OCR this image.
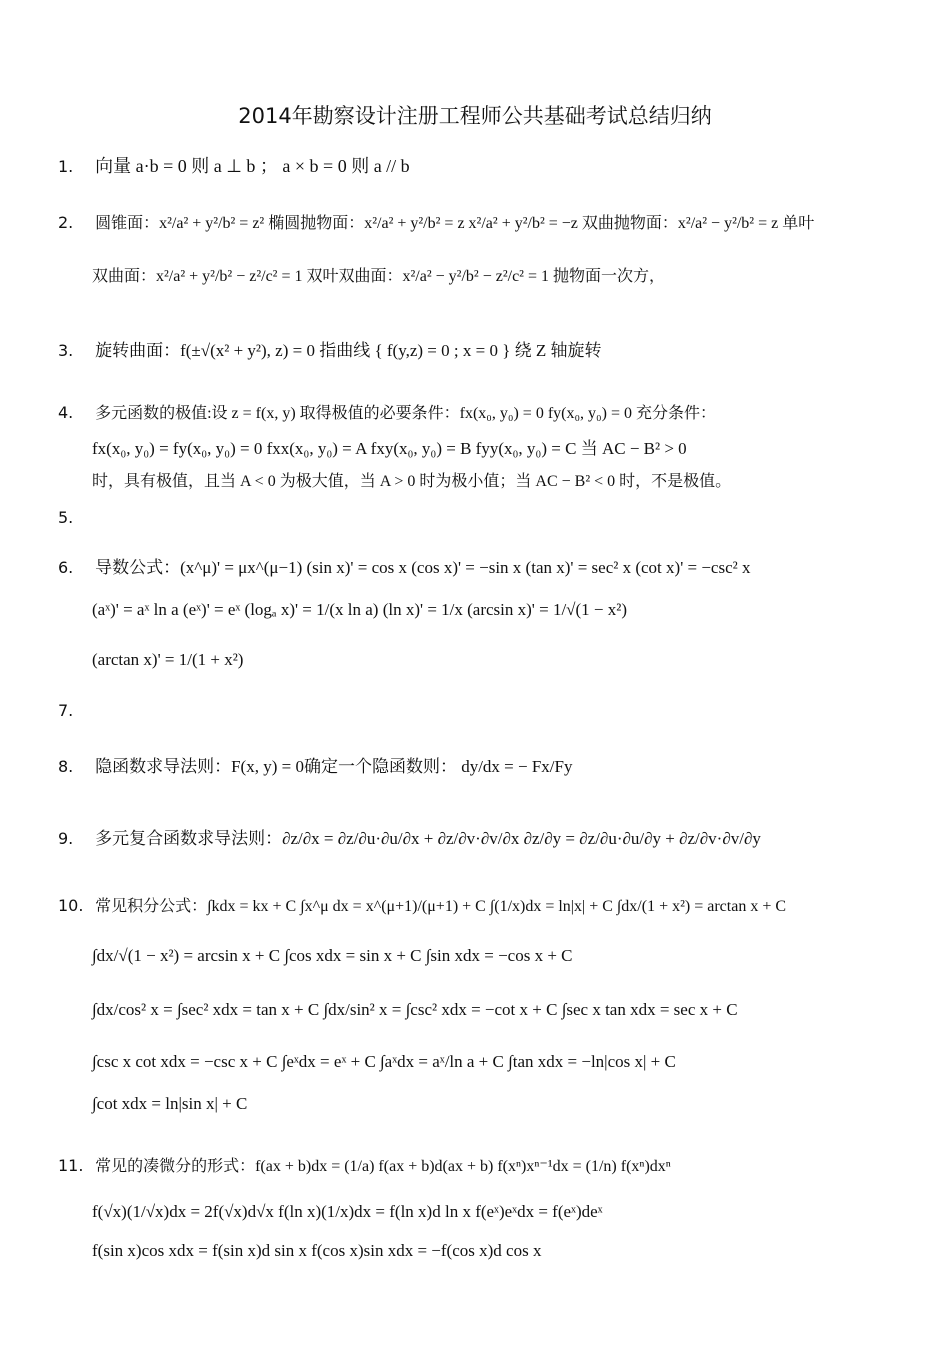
2014年勘察设计注册工程师公共基础考试总结归纳
1. 向量 a·b = 0 则 a ⊥ b ； a × b = 0 则 a // b
2. 圆锥面：x²/a² + y²/b² = z² 椭圆抛物面：x²/a² + y²/b² = z x²/a² + y²/b² = −z 双曲抛物面：x²/a² − y²/b² = z 单叶
双曲面：x²/a² + y²/b² − z²/c² = 1 双叶双曲面：x²/a² − y²/b² − z²/c² = 1 抛物面一次方，
3. 旋转曲面：f(±√(x² + y²), z) = 0 指曲线 { f(y,z) = 0 ; x = 0 } 绕 Z 轴旋转
4. 多元函数的极值:设 z = f(x, y) 取得极值的必要条件：fx(x₀, y₀) = 0 fy(x₀, y₀) = 0 充分条件：
fx(x₀, y₀) = fy(x₀, y₀) = 0 fxx(x₀, y₀) = A fxy(x₀, y₀) = B fyy(x₀, y₀) = C 当 AC − B² > 0
时，具有极值，且当 A < 0 为极大值，当 A > 0 时为极小值；当 AC − B² < 0 时，不是极值。
5.
6. 导数公式：(x^μ)' = μx^(μ−1) (sin x)' = cos x (cos x)' = −sin x (tan x)' = sec² x (cot x)' = −csc² x
(aˣ)' = aˣ ln a (eˣ)' = eˣ (logₐ x)' = 1/(x ln a) (ln x)' = 1/x (arcsin x)' = 1/√(1 − x²)
(arctan x)' = 1/(1 + x²)
7.
8. 隐函数求导法则：F(x, y) = 0确定一个隐函数则： dy/dx = − Fx/Fy
9. 多元复合函数求导法则：∂z/∂x = ∂z/∂u·∂u/∂x + ∂z/∂v·∂v/∂x ∂z/∂y = ∂z/∂u·∂u/∂y + ∂z/∂v·∂v/∂y
10. 常见积分公式：∫kdx = kx + C ∫x^μ dx = x^(μ+1)/(μ+1) + C ∫(1/x)dx = ln|x| + C ∫dx/(1 + x²) = arctan x + C
∫dx/√(1 − x²) = arcsin x + C ∫cos xdx = sin x + C ∫sin xdx = −cos x + C
∫dx/cos² x = ∫sec² xdx = tan x + C ∫dx/sin² x = ∫csc² xdx = −cot x + C ∫sec x tan xdx = sec x + C
∫csc x cot xdx = −csc x + C ∫eˣdx = eˣ + C ∫aˣdx = aˣ/ln a + C ∫tan xdx = −ln|cos x| + C
∫cot xdx = ln|sin x| + C
11. 常见的凑微分的形式：f(ax + b)dx = (1/a) f(ax + b)d(ax + b) f(xⁿ)xⁿ⁻¹dx = (1/n) f(xⁿ)dxⁿ
f(√x)(1/√x)dx = 2f(√x)d√x f(ln x)(1/x)dx = f(ln x)d ln x f(eˣ)eˣdx = f(eˣ)deˣ
f(sin x)cos xdx = f(sin x)d sin x f(cos x)sin xdx = −f(cos x)d cos x
